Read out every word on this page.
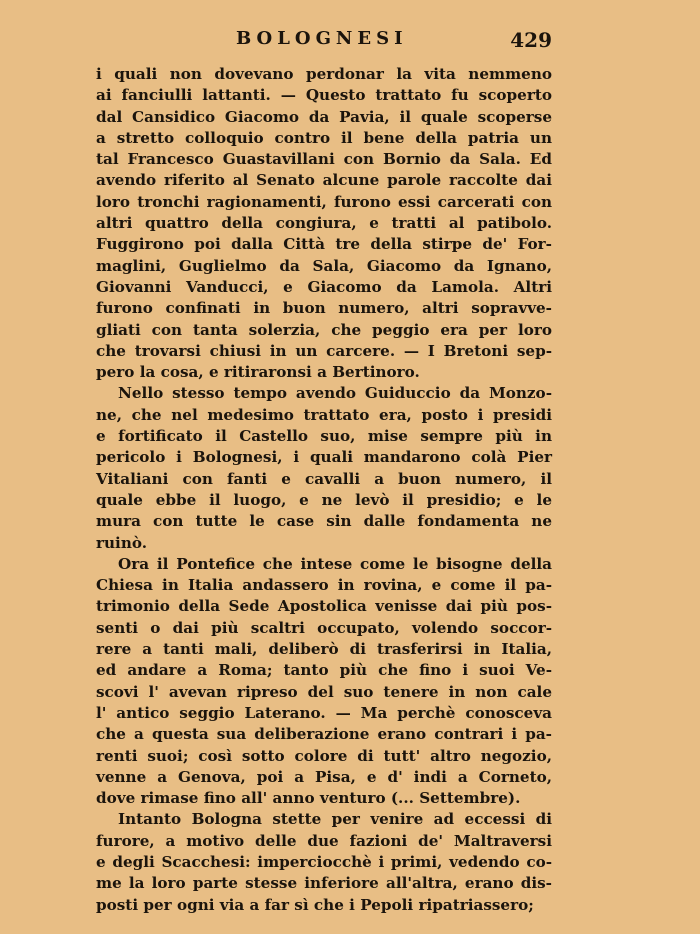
BOLOGNESI	429
i quali non dovevano perdonar la vita nemmeno
ai fanciulli lattanti. — Questo trattato fu scoperto
dal Cansidico Giacomo da Pavia, il quale scoperse
a stretto colloquio contro il bene della patria un
tal Francesco Guastavillani con Bornio da Sala. Ed
avendo riferito al Senato alcune parole raccolte dai
loro tronchi ragionamenti, furono essi carcerati con
altri quattro della congiura, e tratti al patibolo.
Fuggirono poi dalla Città tre della stirpe de' For-
maglini, Guglielmo da Sala, Giacomo da Ignano,
Giovanni Vanducci, e Giacomo da Lamola. Altri
furono confinati in buon numero, altri sopravve-
gliati con tanta solerzia, che peggio era per loro
che trovarsi chiusi in un carcere. — I Bretoni sep-
pero la cosa, e ritiraronsi a Bertinoro.
Nello stesso tempo avendo Guiduccio da Monzo-
ne, che nel medesimo trattato era, posto i presidi
e fortificato il Castello suo, mise sempre più in
pericolo i Bolognesi, i quali mandarono colà Pier
Vitaliani con fanti e cavalli a buon numero, il
quale ebbe il luogo, e ne levò il presidio; e le
mura con tutte le case sin dalle fondamenta ne
ruinò.
Ora il Pontefice che intese come le bisogne della
Chiesa in Italia andassero in rovina, e come il pa-
trimonio della Sede Apostolica venisse dai più pos-
senti o dai più scaltri occupato, volendo soccor-
rere a tanti mali, deliberò di trasferirsi in Italia,
ed andare a Roma; tanto più che fino i suoi Ve-
scovi l' avevan ripreso del suo tenere in non cale
l' antico seggio Laterano. — Ma perchè conosceva
che a questa sua deliberazione erano contrari i pa-
renti suoi; così sotto colore di tutt' altro negozio,
venne a Genova, poi a Pisa, e d' indi a Corneto,
dove rimase fino all' anno venturo (... Settembre).
Intanto Bologna stette per venire ad eccessi di
furore, a motivo delle due fazioni de' Maltraversi
e degli Scacchesi: imperciocchè i primi, vedendo co-
me la loro parte stesse inferiore all'altra, erano dis-
posti per ogni via a far sì che i Pepoli ripatriassero;
